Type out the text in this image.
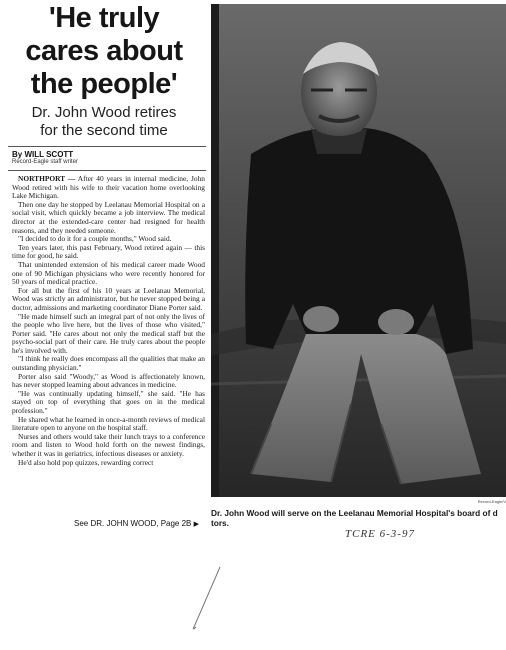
'He truly
cares about
the people'
Dr. John Wood retires
for the second time
By WILL SCOTT
Record-Eagle staff writer

NORTHPORT — After 40 years in internal medicine, John Wood retired with his wife to their vacation home overlooking Lake Michigan.

Then one day he stopped by Leelanau Memorial Hospital on a social visit, which quickly became a job interview. The medical director at the extended-care center had resigned for health reasons, and they needed someone.

"I decided to do it for a couple months," Wood said.

Ten years later, this past February, Wood retired again — this time for good, he said.

That unintended extension of his medical career made Wood one of 90 Michigan physicians who were recently honored for 50 years of medical practice.

For all but the first of his 10 years at Leelanau Memorial, Wood was strictly an administrator, but he never stopped being a doctor, admissions and marketing coordinator Diane Porter said.

"He made himself such an integral part of not only the lives of the people who live here, but the lives of those who visited," Porter said. "He cares about not only the medical staff but the psycho-social part of their care. He truly cares about the people he's involved with.

"I think he really does encompass all the qualities that make an outstanding physician."

Porter also said "Woody," as Wood is affectionately known, has never stopped learning about advances in medicine.

"He was continually updating himself," she said. "He has stayed on top of everything that goes on in the medical profession."

He shared what he learned in once-a-month reviews of medical literature open to anyone on the hospital staff.

Nurses and others would take their lunch trays to a conference room and listen to Wood hold forth on the newest findings, whether it was in geriatrics, infectious diseases or anxiety.

He'd also hold pop quizzes, rewarding correct

See DR. JOHN WOOD, Page 2B ▶
Record-Eagle/V
Dr. John Wood will serve on the Leelanau Memorial Hospital's board of d
tors.
TCRE 6-3-97
